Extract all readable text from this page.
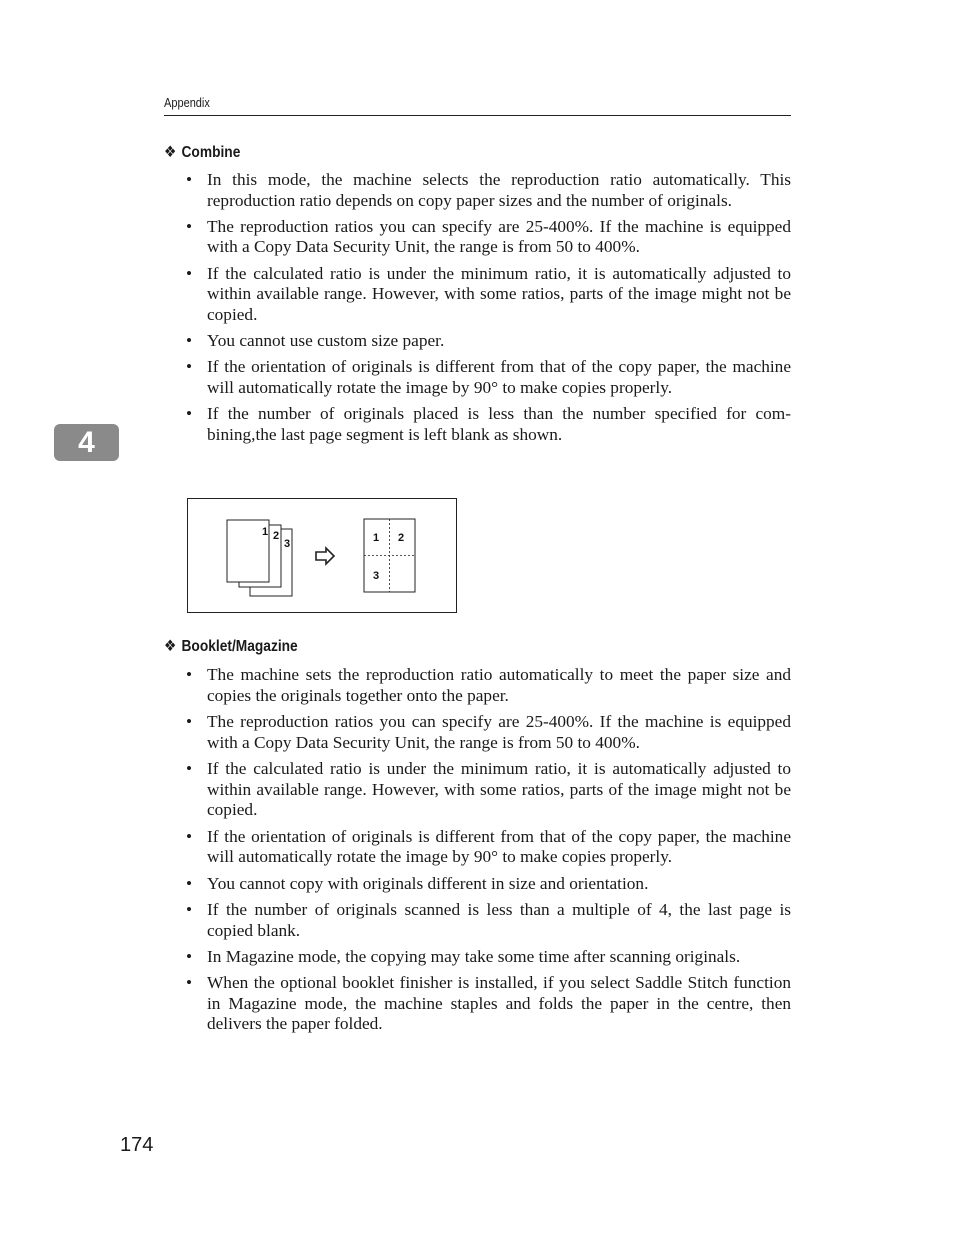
Appendix
4
❖ Combine
• In this mode, the machine selects the reproduction ratio automatically. This reproduction ratio depends on copy paper sizes and the number of originals.
• The reproduction ratios you can specify are 25-400%. If the machine is equipped with a Copy Data Security Unit, the range is from 50 to 400%.
• If the calculated ratio is under the minimum ratio, it is automatically adjusted to within available range. However, with some ratios, parts of the image might not be copied.
• You cannot use custom size paper.
• If the orientation of originals is different from that of the copy paper, the machine will automatically rotate the image by 90° to make copies properly.
• If the number of originals placed is less than the number specified for combining,the last page segment is left blank as shown.
1 2
3	1 2
3
❖ Booklet/Magazine
• The machine sets the reproduction ratio automatically to meet the paper size and copies the originals together onto the paper.
• The reproduction ratios you can specify are 25-400%. If the machine is equipped with a Copy Data Security Unit, the range is from 50 to 400%.
• If the calculated ratio is under the minimum ratio, it is automatically adjusted to within available range. However, with some ratios, parts of the image might not be copied.
• If the orientation of originals is different from that of the copy paper, the machine will automatically rotate the image by 90° to make copies properly.
• You cannot copy with originals different in size and orientation.
• If the number of originals scanned is less than a multiple of 4, the last page is copied blank.
• In Magazine mode, the copying may take some time after scanning originals.
• When the optional booklet finisher is installed, if you select Saddle Stitch function in Magazine mode, the machine staples and folds the paper in the centre, then delivers the paper folded.
174
